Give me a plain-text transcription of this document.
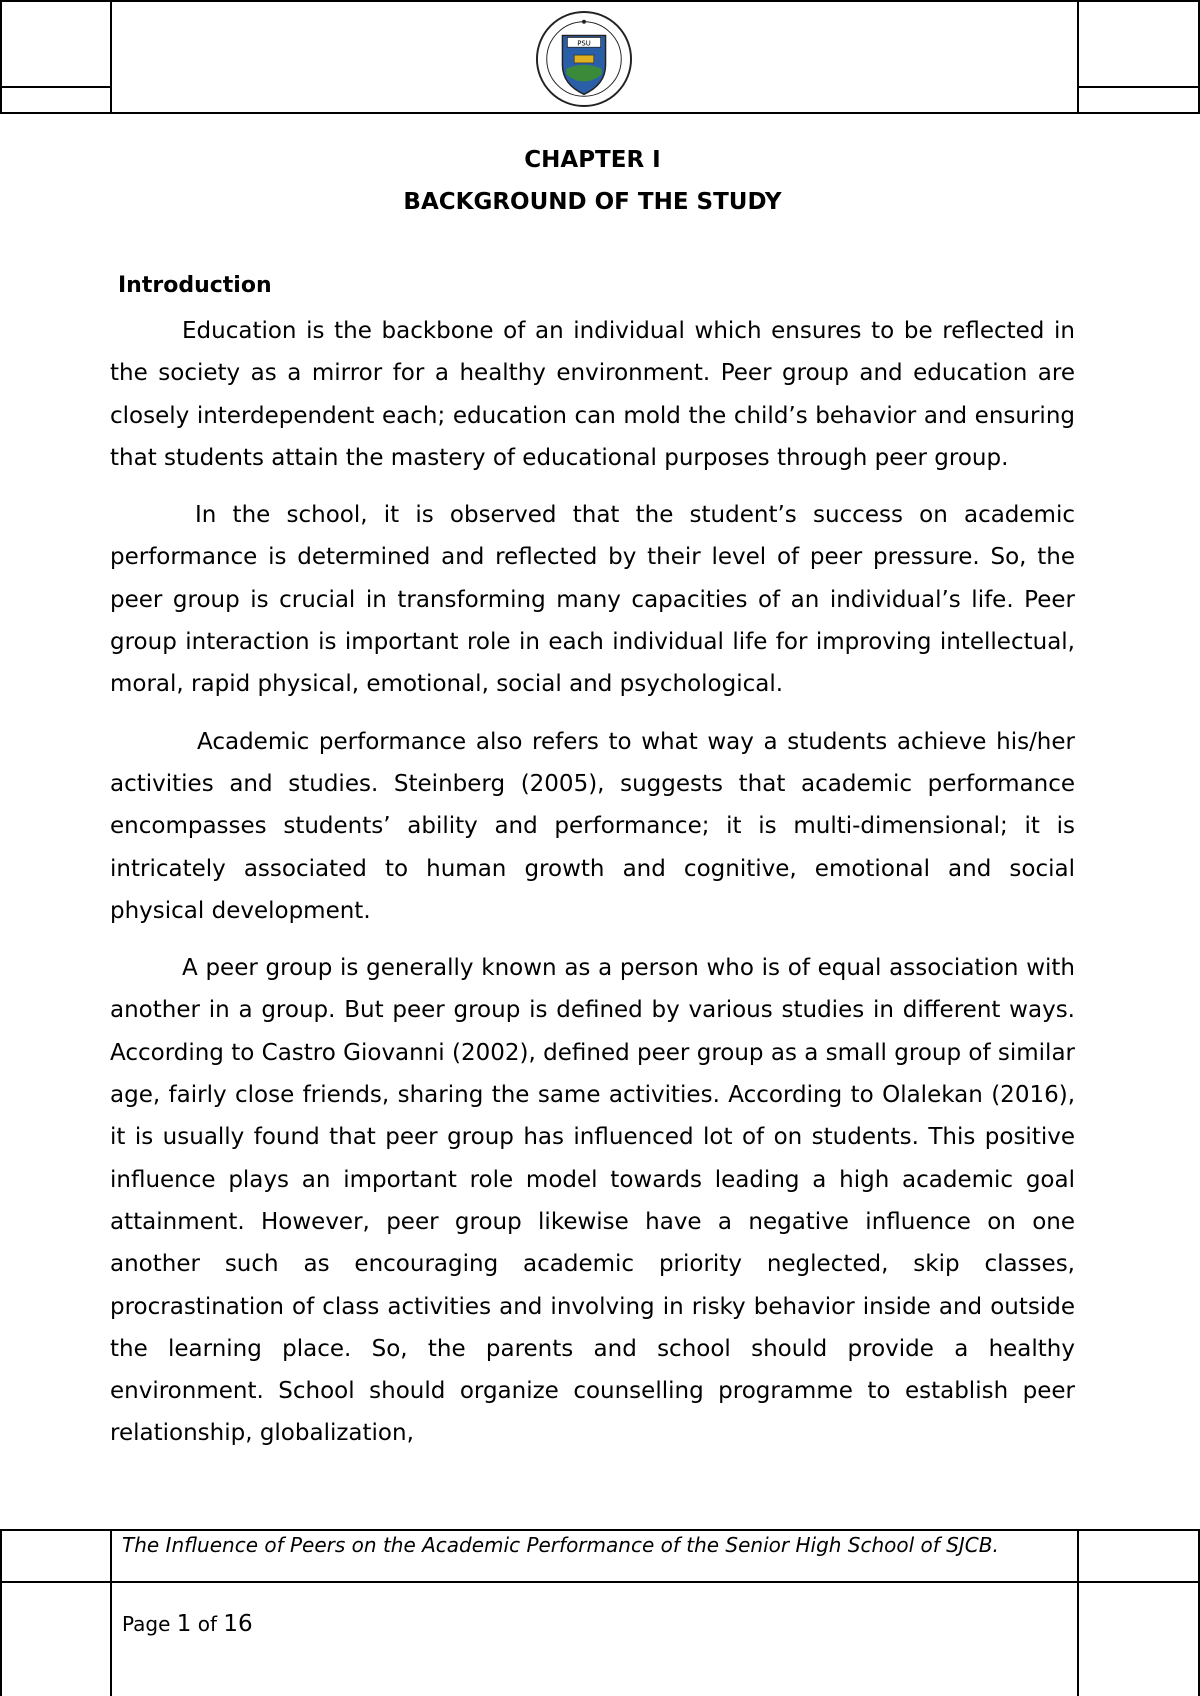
PSU
CHAPTER I
BACKGROUND OF THE STUDY
Introduction

Education is the backbone of an individual which ensures to be reflected in the society as a mirror for a healthy environment. Peer group and education are closely interdependent each; education can mold the child’s behavior and ensuring that students attain the mastery of educational purposes through peer group.

In the school, it is observed that the student’s success on academic performance is determined and reflected by their level of peer pressure. So, the peer group is crucial in transforming many capacities of an individual’s life. Peer group interaction is important role in each individual life for improving intellectual, moral, rapid physical, emotional, social and psychological.

Academic performance also refers to what way a students achieve his/her activities and studies. Steinberg (2005), suggests that academic performance encompasses students’ ability and performance; it is multi-dimensional; it is intricately associated to human growth and cognitive, emotional and social physical development.

A peer group is generally known as a person who is of equal association with another in a group. But peer group is defined by various studies in different ways. According to Castro Giovanni (2002), defined peer group as a small group of similar age, fairly close friends, sharing the same activities. According to Olalekan (2016), it is usually found that peer group has influenced lot of on students. This positive influence plays an important role model towards leading a high academic goal attainment. However, peer group likewise have a negative influence on one another such as encouraging academic priority neglected, skip classes, procrastination of class activities and involving in risky behavior inside and outside the learning place. So, the parents and school should provide a healthy environment. School should organize counselling programme to establish peer relationship, globalization,

The Influence of Peers on the Academic Performance of the Senior High School of SJCB.
Page 1 of 16
